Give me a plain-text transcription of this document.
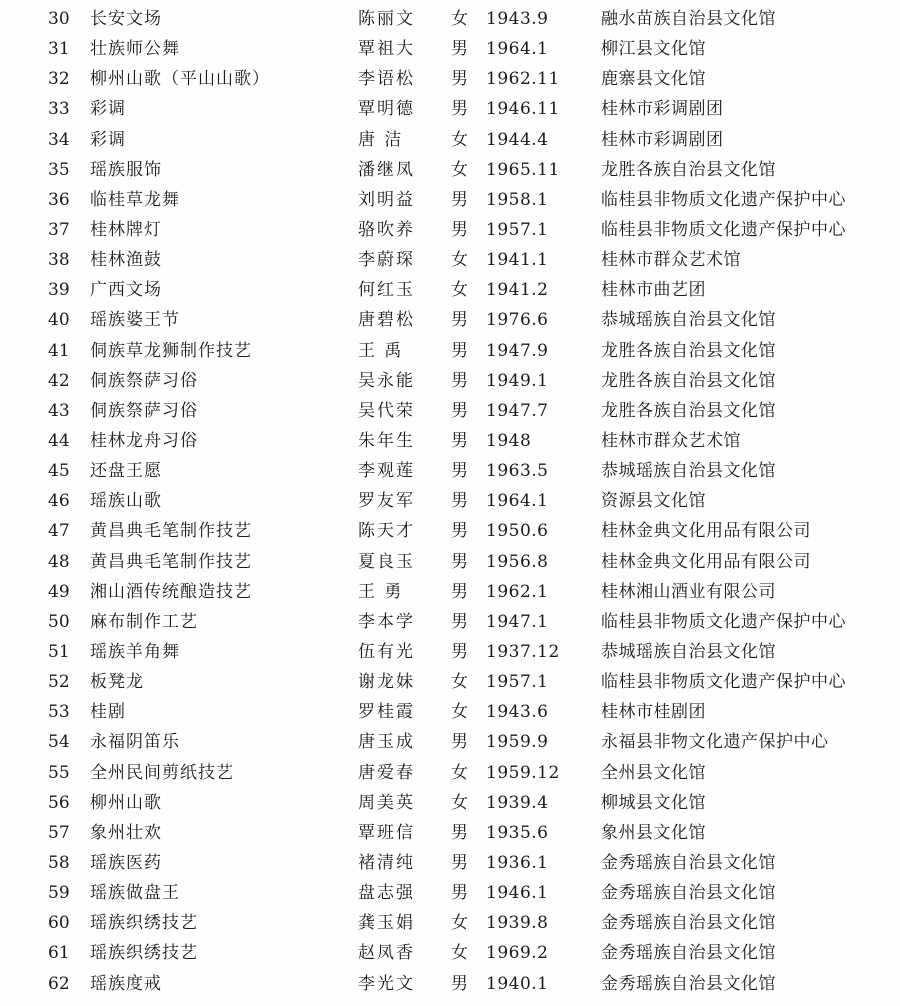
30	长安文场	陈丽文	女	1943.9	融水苗族自治县文化馆
31	壮族师公舞	覃祖大	男	1964.1	柳江县文化馆
32	柳州山歌（平山山歌）	李语松	男	1962.11	鹿寨县文化馆
33	彩调	覃明德	男	1946.11	桂林市彩调剧团
34	彩调	唐 洁	女	1944.4	桂林市彩调剧团
35	瑶族服饰	潘继凤	女	1965.11	龙胜各族自治县文化馆
36	临桂草龙舞	刘明益	男	1958.1	临桂县非物质文化遗产保护中心
37	桂林牌灯	骆吹养	男	1957.1	临桂县非物质文化遗产保护中心
38	桂林渔鼓	李蔚琛	女	1941.1	桂林市群众艺术馆
39	广西文场	何红玉	女	1941.2	桂林市曲艺团
40	瑶族婆王节	唐碧松	男	1976.6	恭城瑶族自治县文化馆
41	侗族草龙狮制作技艺	王 禹	男	1947.9	龙胜各族自治县文化馆
42	侗族祭萨习俗	吴永能	男	1949.1	龙胜各族自治县文化馆
43	侗族祭萨习俗	吴代荣	男	1947.7	龙胜各族自治县文化馆
44	桂林龙舟习俗	朱年生	男	1948	桂林市群众艺术馆
45	还盘王愿	李观莲	男	1963.5	恭城瑶族自治县文化馆
46	瑶族山歌	罗友军	男	1964.1	资源县文化馆
47	黄昌典毛笔制作技艺	陈天才	男	1950.6	桂林金典文化用品有限公司
48	黄昌典毛笔制作技艺	夏良玉	男	1956.8	桂林金典文化用品有限公司
49	湘山酒传统酿造技艺	王 勇	男	1962.1	桂林湘山酒业有限公司
50	麻布制作工艺	李本学	男	1947.1	临桂县非物质文化遗产保护中心
51	瑶族羊角舞	伍有光	男	1937.12	恭城瑶族自治县文化馆
52	板凳龙	谢龙妹	女	1957.1	临桂县非物质文化遗产保护中心
53	桂剧	罗桂霞	女	1943.6	桂林市桂剧团
54	永福阴笛乐	唐玉成	男	1959.9	永福县非物文化遗产保护中心
55	全州民间剪纸技艺	唐爱春	女	1959.12	全州县文化馆
56	柳州山歌	周美英	女	1939.4	柳城县文化馆
57	象州壮欢	覃班信	男	1935.6	象州县文化馆
58	瑶族医药	褚清纯	男	1936.1	金秀瑶族自治县文化馆
59	瑶族做盘王	盘志强	男	1946.1	金秀瑶族自治县文化馆
60	瑶族织绣技艺	龚玉娟	女	1939.8	金秀瑶族自治县文化馆
61	瑶族织绣技艺	赵凤香	女	1969.2	金秀瑶族自治县文化馆
62	瑶族度戒	李光文	男	1940.1	金秀瑶族自治县文化馆
